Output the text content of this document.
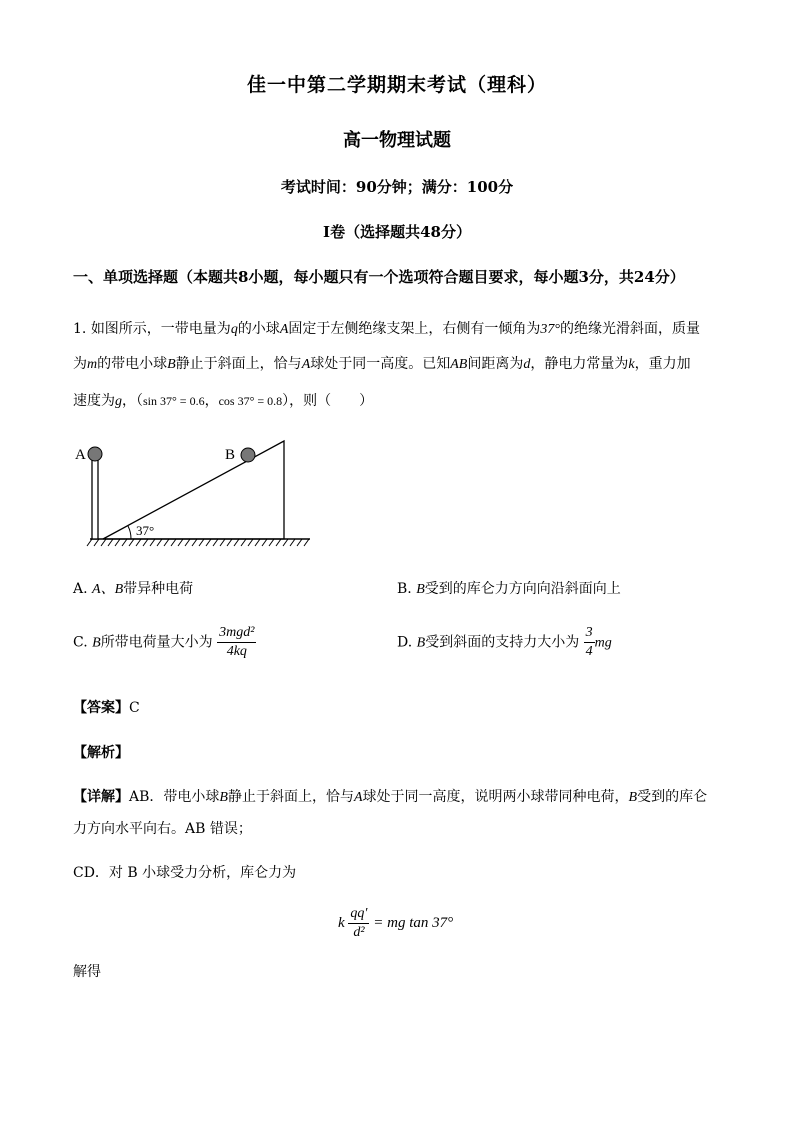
佳一中第二学期期末考试（理科）
高一物理试题
考试时间：90分钟；满分：100分
I卷（选择题共48分）
一、单项选择题（本题共8小题，每小题只有一个选项符合题目要求，每小题3分，共24分）
1. 如图所示，一带电量为q的小球A固定于左侧绝缘支架上，右侧有一倾角为37°的绝缘光滑斜面，质量
为m的带电小球B静止于斜面上，恰与A球处于同一高度。已知AB间距离为d，静电力常量为k，重力加
速度为g，（sin 37° = 0.6，cos 37° = 0.8），则（　　）
A	B
37°
A. A、B带异种电荷	B. B受到的库仑力方向向沿斜面向上
C. B所带电荷量大小为 $\frac{\text{3mgd²}}{4kq}$	D. B受到斜面的支持力大小为 $\frac{3}{4}$ mg
【答案】C
【解析】
【详解】AB．带电小球B静止于斜面上，恰与A球处于同一高度，说明两小球带同种电荷，B受到的库仑
力方向水平向右。AB 错误；
CD．对 B 小球受力分析，库仑力为
k $\frac{qq'}{\text{d²}}$ = mg tan 37°
解得
